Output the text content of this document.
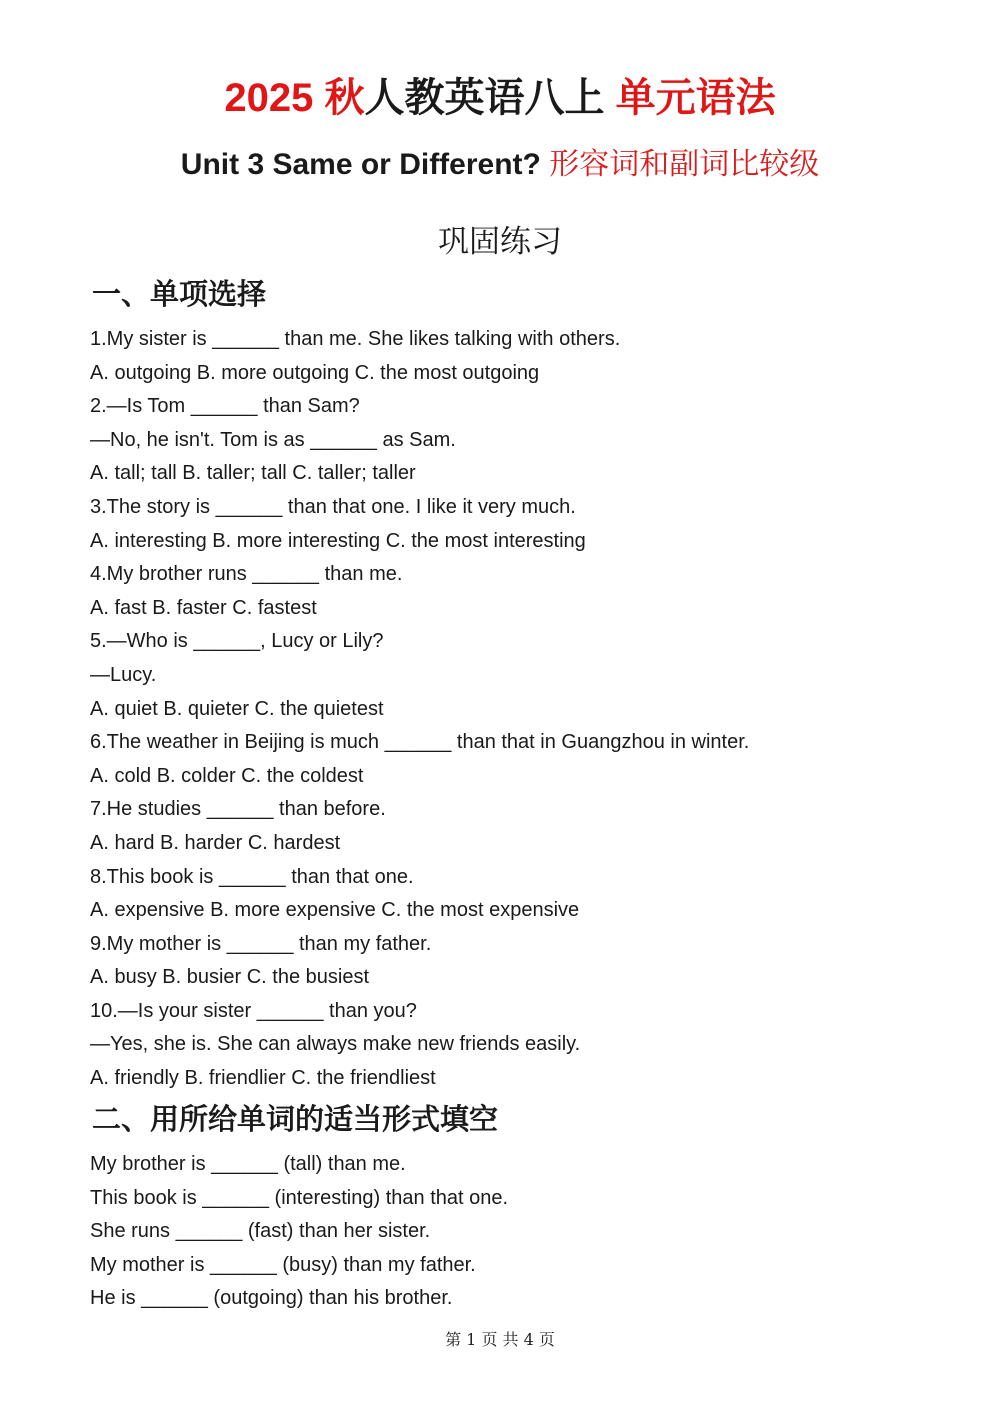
2025 秋人教英语八上 单元语法
Unit 3 Same or Different? 形容词和副词比较级
巩固练习
一、单项选择
1.My sister is ______ than me. She likes talking with others.
A. outgoing B. more outgoing C. the most outgoing
2.—Is Tom ______ than Sam?
—No, he isn't. Tom is as ______ as Sam.
A. tall; tall B. taller; tall C. taller; taller
3.The story is ______ than that one. I like it very much.
A. interesting B. more interesting C. the most interesting
4.My brother runs ______ than me.
A. fast B. faster C. fastest
5.—Who is ______, Lucy or Lily?
—Lucy.
A. quiet B. quieter C. the quietest
6.The weather in Beijing is much ______ than that in Guangzhou in winter.
A. cold B. colder C. the coldest
7.He studies ______ than before.
A. hard B. harder C. hardest
8.This book is ______ than that one.
A. expensive B. more expensive C. the most expensive
9.My mother is ______ than my father.
A. busy B. busier C. the busiest
10.—Is your sister ______ than you?
—Yes, she is. She can always make new friends easily.
A. friendly B. friendlier C. the friendliest
二、用所给单词的适当形式填空
My brother is ______ (tall) than me.
This book is ______ (interesting) than that one.
She runs ______ (fast) than her sister.
My mother is ______ (busy) than my father.
He is ______ (outgoing) than his brother.
第 1 页 共 4 页
